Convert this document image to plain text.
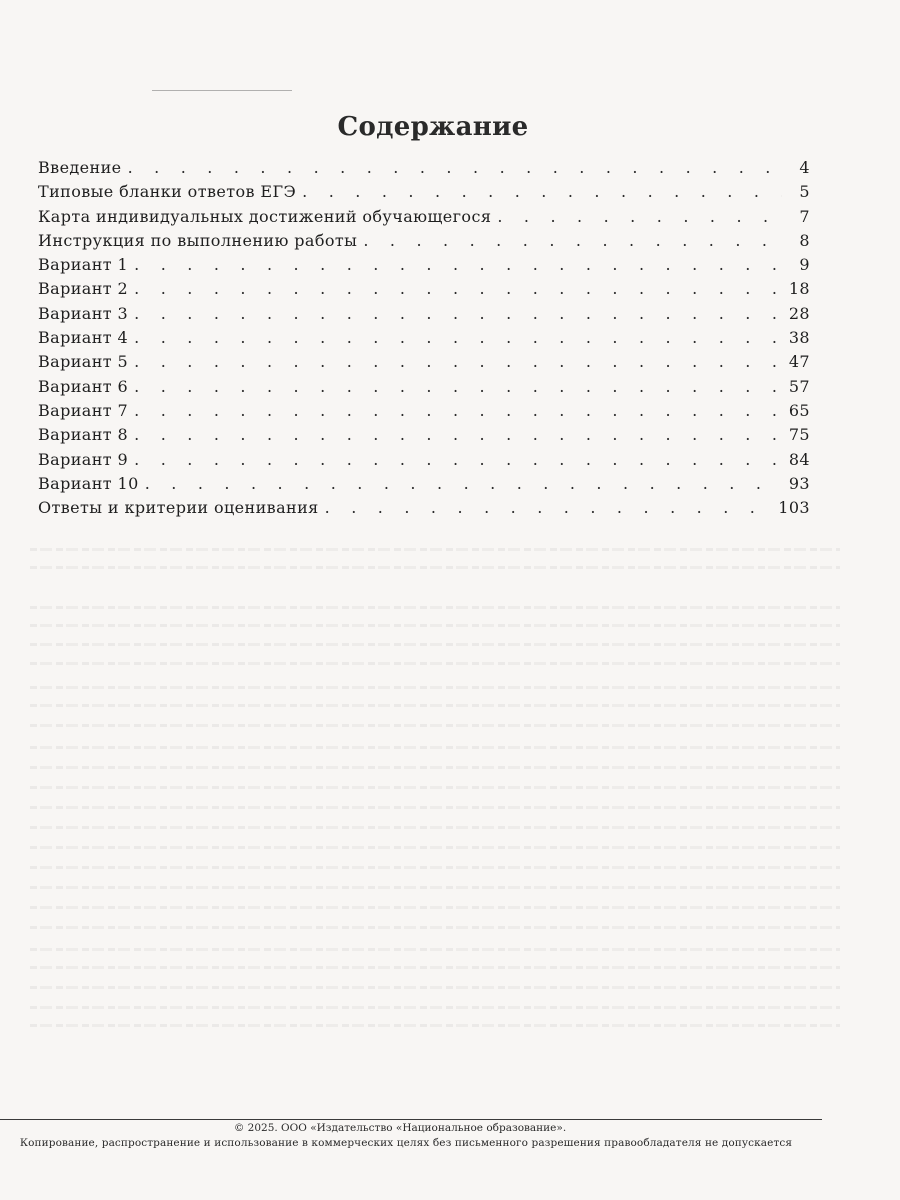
Содержание
Введение . . .	4
Типовые бланки ответов ЕГЭ . . .	5
Карта индивидуальных достижений обучающегося . . .	7
Инструкция по выполнению работы . . .	8
Вариант 1 . . .	9
Вариант 2 . . .	18
Вариант 3 . . .	28
Вариант 4 . . .	38
Вариант 5 . . .	47
Вариант 6 . . .	57
Вариант 7 . . .	65
Вариант 8 . . .	75
Вариант 9 . . .	84
Вариант 10 . . .	93
Ответы и критерии оценивания . . .	103
© 2025. ООО «Издательство «Национальное образование».
Копирование, распространение и использование в коммерческих целях без письменного разрешения правообладателя не допускается
